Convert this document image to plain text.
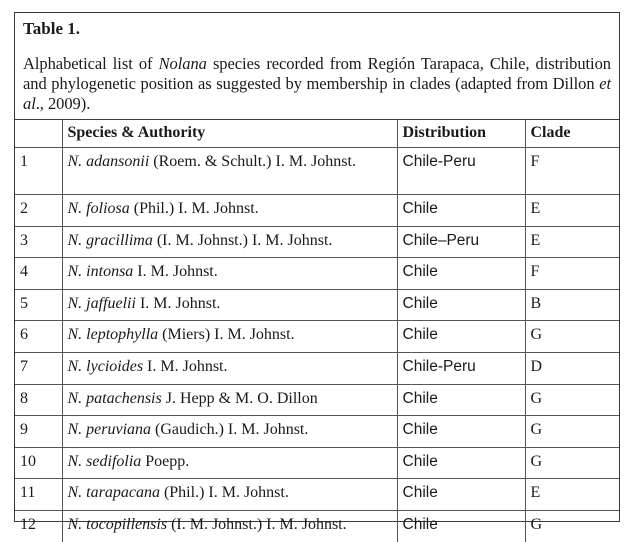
Table 1.

Alphabetical list of Nolana species recorded from Región Tarapaca, Chile, distribution and phylogenetic position as suggested by membership in clades (adapted from Dillon et al., 2009).

	Species & Authority	Distribution	Clade
1	N. adansonii (Roem. & Schult.) I. M. Johnst.	Chile-Peru	F
2	N. foliosa (Phil.) I. M. Johnst.	Chile	E
3	N. gracillima (I. M. Johnst.) I. M. Johnst.	Chile–Peru	E
4	N. intonsa I. M. Johnst.	Chile	F
5	N. jaffuelii I. M. Johnst.	Chile	B
6	N. leptophylla (Miers) I. M. Johnst.	Chile	G
7	N. lycioides I. M. Johnst.	Chile-Peru	D
8	N. patachensis J. Hepp & M. O. Dillon	Chile	G
9	N. peruviana (Gaudich.) I. M. Johnst.	Chile	G
10	N. sedifolia Poepp.	Chile	G
11	N. tarapacana (Phil.) I. M. Johnst.	Chile	E
12	N. tocopillensis (I. M. Johnst.) I. M. Johnst.	Chile	G
